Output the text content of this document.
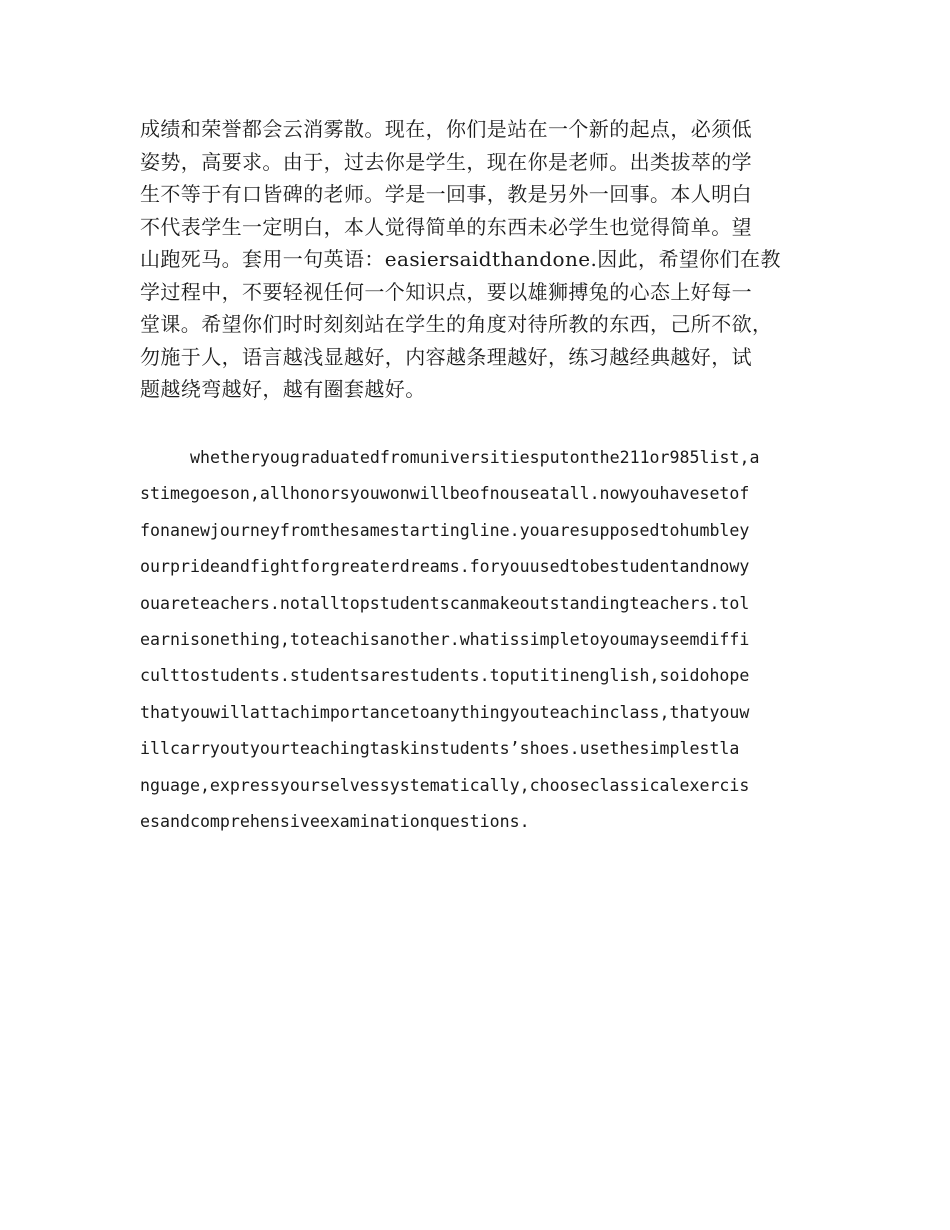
成绩和荣誉都会云消雾散。现在，你们是站在一个新的起点，必须低

姿势，高要求。由于，过去你是学生，现在你是老师。出类拔萃的学

生不等于有口皆碑的老师。学是一回事，教是另外一回事。本人明白

不代表学生一定明白，本人觉得简单的东西未必学生也觉得简单。望

山跑死马。套用一句英语：easiersaidthandone.因此，希望你们在教

学过程中，不要轻视任何一个知识点，要以雄狮搏兔的心态上好每一

堂课。希望你们时时刻刻站在学生的角度对待所教的东西，己所不欲，

勿施于人，语言越浅显越好，内容越条理越好，练习越经典越好，试

题越绕弯越好，越有圈套越好。

whetheryougraduatedfromuniversitiesputonthe211or985list,a

stimegoeson,allhonorsyouwonwillbeofnouseatall.nowyouhavesetof

fonanewjourneyfromthesamestartingline.youaresupposedtohumbley

ourprideandfightforgreaterdreams.foryouusedtobestudentandnowy

ouareteachers.notalltopstudentscanmakeoutstandingteachers.tol

earnisonething,toteachisanother.whatissimpletoyoumayseemdiffi

culttostudents.studentsarestudents.toputitinenglish,soidohope

thatyouwillattachimportancetoanythingyouteachinclass,thatyouw

illcarryoutyourteachingtaskinstudents’shoes.usethesimplestla

nguage,expressyourselvessystematically,chooseclassicalexercis

esandcomprehensiveexaminationquestions.
